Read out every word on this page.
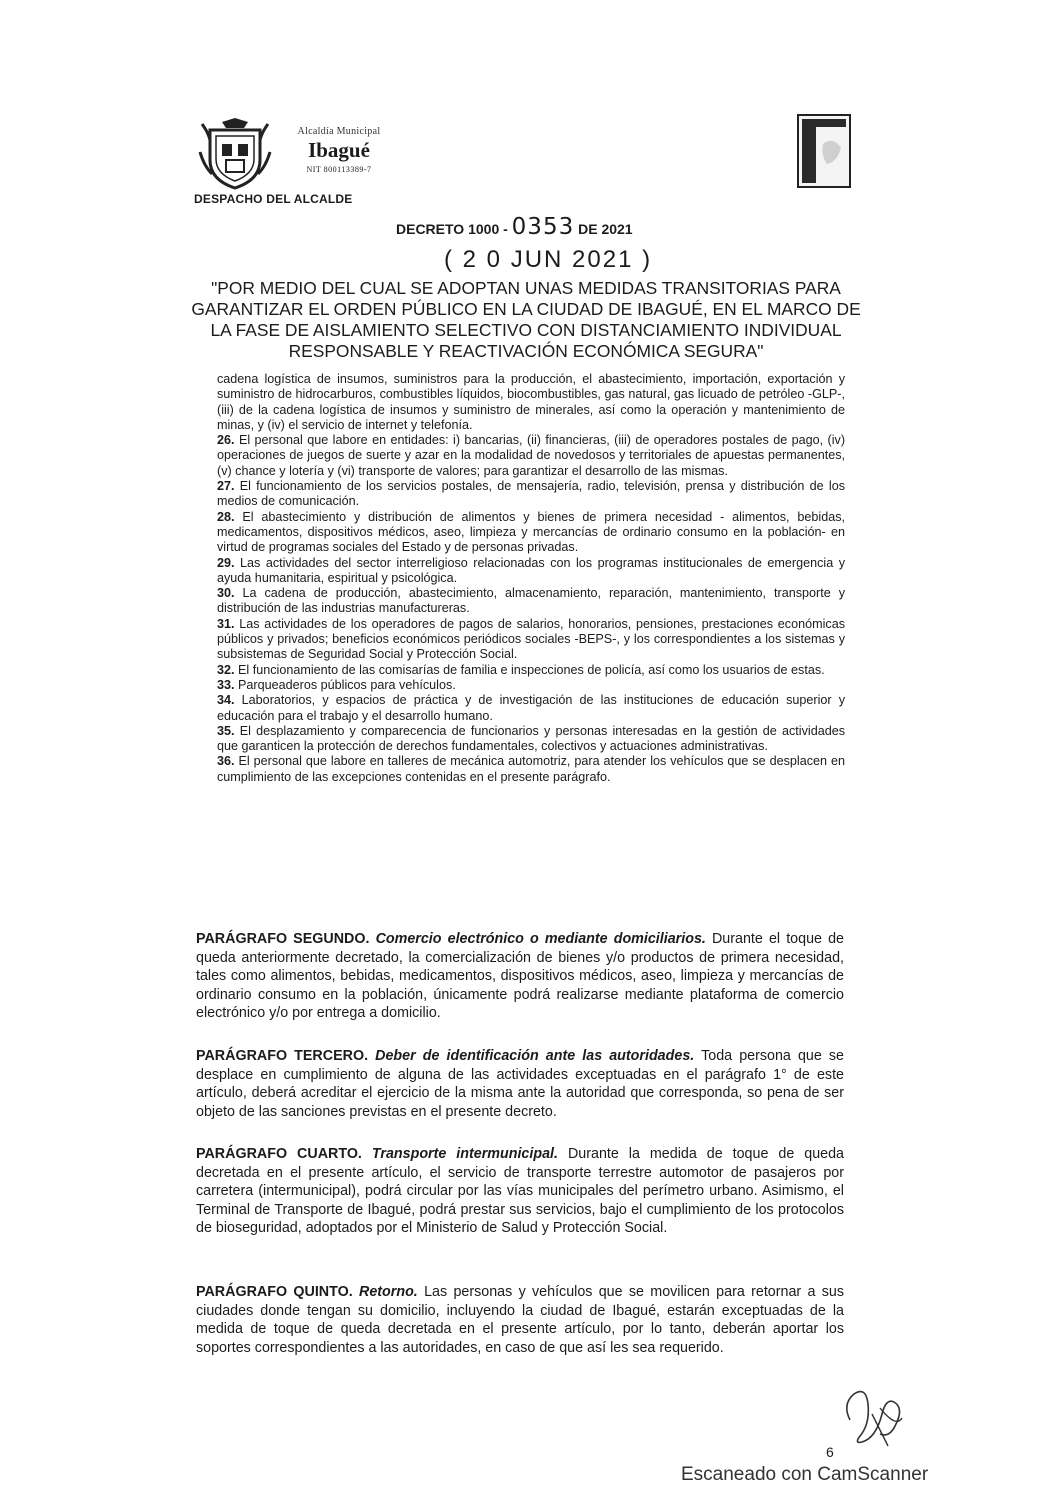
Alcaldía Municipal
Ibagué
NIT 800113389-7
DESPACHO DEL ALCALDE
DECRETO 1000 - 0353 DE 2021
( 2 0 JUN 2021 )
"POR MEDIO DEL CUAL SE ADOPTAN UNAS MEDIDAS TRANSITORIAS PARA GARANTIZAR EL ORDEN PÚBLICO EN LA CIUDAD DE IBAGUÉ, EN EL MARCO DE LA FASE DE AISLAMIENTO SELECTIVO CON DISTANCIAMIENTO INDIVIDUAL RESPONSABLE Y REACTIVACIÓN ECONÓMICA SEGURA"

cadena logística de insumos, suministros para la producción, el abastecimiento, importación, exportación y suministro de hidrocarburos, combustibles líquidos, biocombustibles, gas natural, gas licuado de petróleo -GLP-, (iii) de la cadena logística de insumos y suministro de minerales, así como la operación y mantenimiento de minas, y (iv) el servicio de internet y telefonía.

26. El personal que labore en entidades: i) bancarias, (ii) financieras, (iii) de operadores postales de pago, (iv) operaciones de juegos de suerte y azar en la modalidad de novedosos y territoriales de apuestas permanentes, (v) chance y lotería y (vi) transporte de valores; para garantizar el desarrollo de las mismas.

27. El funcionamiento de los servicios postales, de mensajería, radio, televisión, prensa y distribución de los medios de comunicación.

28. El abastecimiento y distribución de alimentos y bienes de primera necesidad - alimentos, bebidas, medicamentos, dispositivos médicos, aseo, limpieza y mercancías de ordinario consumo en la población- en virtud de programas sociales del Estado y de personas privadas.

29. Las actividades del sector interreligioso relacionadas con los programas institucionales de emergencia y ayuda humanitaria, espiritual y psicológica.

30. La cadena de producción, abastecimiento, almacenamiento, reparación, mantenimiento, transporte y distribución de las industrias manufactureras.

31. Las actividades de los operadores de pagos de salarios, honorarios, pensiones, prestaciones económicas públicos y privados; beneficios económicos periódicos sociales -BEPS-, y los correspondientes a los sistemas y subsistemas de Seguridad Social y Protección Social.

32. El funcionamiento de las comisarías de familia e inspecciones de policía, así como los usuarios de estas.

33. Parqueaderos públicos para vehículos.

34. Laboratorios, y espacios de práctica y de investigación de las instituciones de educación superior y educación para el trabajo y el desarrollo humano.

35. El desplazamiento y comparecencia de funcionarios y personas interesadas en la gestión de actividades que garanticen la protección de derechos fundamentales, colectivos y actuaciones administrativas.

36. El personal que labore en talleres de mecánica automotriz, para atender los vehículos que se desplacen en cumplimiento de las excepciones contenidas en el presente parágrafo.

PARÁGRAFO SEGUNDO. Comercio electrónico o mediante domiciliarios. Durante el toque de queda anteriormente decretado, la comercialización de bienes y/o productos de primera necesidad, tales como alimentos, bebidas, medicamentos, dispositivos médicos, aseo, limpieza y mercancías de ordinario consumo en la población, únicamente podrá realizarse mediante plataforma de comercio electrónico y/o por entrega a domicilio.

PARÁGRAFO TERCERO. Deber de identificación ante las autoridades. Toda persona que se desplace en cumplimiento de alguna de las actividades exceptuadas en el parágrafo 1° de este artículo, deberá acreditar el ejercicio de la misma ante la autoridad que corresponda, so pena de ser objeto de las sanciones previstas en el presente decreto.

PARÁGRAFO CUARTO. Transporte intermunicipal. Durante la medida de toque de queda decretada en el presente artículo, el servicio de transporte terrestre automotor de pasajeros por carretera (intermunicipal), podrá circular por las vías municipales del perímetro urbano. Asimismo, el Terminal de Transporte de Ibagué, podrá prestar sus servicios, bajo el cumplimiento de los protocolos de bioseguridad, adoptados por el Ministerio de Salud y Protección Social.

PARÁGRAFO QUINTO. Retorno. Las personas y vehículos que se movilicen para retornar a sus ciudades donde tengan su domicilio, incluyendo la ciudad de Ibagué, estarán exceptuadas de la medida de toque de queda decretada en el presente artículo, por lo tanto, deberán aportar los soportes correspondientes a las autoridades, en caso de que así les sea requerido.

6
Escaneado con CamScanner
